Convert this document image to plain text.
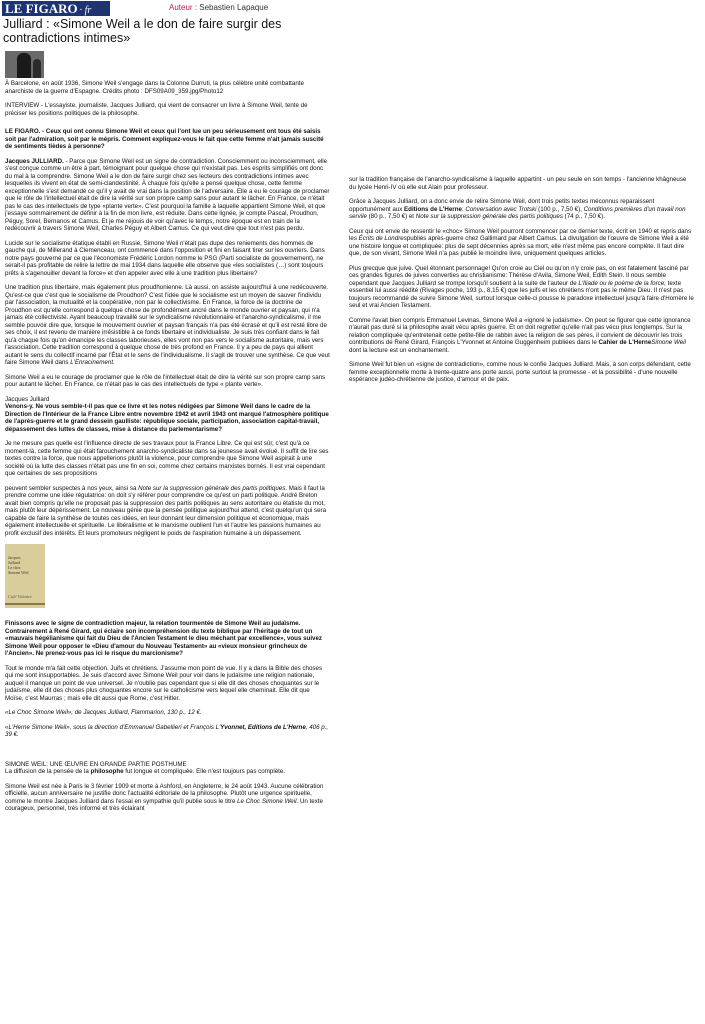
LE FIGARO · fr	Auteur : Sebastien Lapaque
Julliard : «Simone Weil a le don de faire surgir des contradictions intimes»

À Barcelone, en août 1936, Simone Weil s'engage dans la Colonne Durruti, la plus célèbre unité combattante anarchiste de la guerre d'Espagne. Crédits photo : DFS09A09_359.jpg/Photo12

INTERVIEW - L'essayiste, journaliste, Jacques Julliard, qui vient de consacrer un livre à Simone Weil, tente de préciser les positions politiques de la philosophe.

LE FIGARO. - Ceux qui ont connu Simone Weil et ceux qui l'ont lue un peu sérieusement ont tous été saisis soit par l'admiration, soit par le mépris. Comment expliquez-vous le fait que cette femme n'ait jamais suscité de sentiments tièdes à personne?

Jacques JULLIARD. - Parce que Simone Weil est un signe de contradiction. Consciemment ou inconsciemment, elle s'est conçue comme un être à part, témoignant pour quelque chose qui n'existait pas. Les esprits simplifiés ont donc du mal à la comprendre. Simone Weil a le don de faire surgir chez ses lecteurs des contradictions intimes avec lesquelles ils vivent en état de semi-clandestinité. À chaque fois qu'elle a pensé quelque chose, cette femme exceptionnelle s'est demandé ce qu'il y avait de vrai dans la position de l'adversaire. Elle a eu le courage de proclamer que le rôle de l'intellectuel était de dire la vérité sur son propre camp sans pour autant le lâcher. En France, ce n'était pas le cas des intellectuels de type «plante verte». C'est pourquoi la famille à laquelle appartient Simone Weil, et que j'essaye sommairement de définir à la fin de mon livre, est réduite. Dans cette lignée, je compte Pascal, Proudhon, Péguy, Sorel, Bernanos et Camus. Et je me réjouis de voir qu'avec le temps, notre époque est en train de la redécouvrir à travers Simone Weil, Charles Péguy et Albert Camus. Ce qui veut dire que tout n'est pas perdu.

Lucide sur le socialisme étatique établi en Russie, Simone Weil n'était pas dupe des reniements des hommes de gauche qui, de Millerand à Clemenceau, ont commencé dans l'opposition et fini en faisant tirer sur les ouvriers. Dans notre pays gouverné par ce que l'économiste Frédéric Lordon nomme le PSG (Parti socialiste de gouvernement), ne serait-il pas profitable de relire la lettre de mai 1934 dans laquelle elle observe que «les socialistes (…) sont toujours prêts à s'agenouiller devant la force» et d'en appeler avec elle à une tradition plus libertaire?

Une tradition plus libertaire, mais également plus proudhonienne. Là aussi, on assiste aujourd'hui à une redécouverte. Qu'est-ce que c'est que le socialisme de Proudhon? C'est l'idée que le socialisme est un moyen de sauver l'individu par l'association, la mutualité et la coopérative, non par le collectivisme. En France, la force de la doctrine de Proudhon est qu'elle correspond à quelque chose de profondément ancré dans le monde ouvrier et paysan, qui n'a jamais été collectiviste. Ayant beaucoup travaillé sur le syndicalisme révolutionnaire et l'anarcho-syndicalisme, il me semble pouvoir dire que, lorsque le mouvement ouvrier et paysan français n'a pas été écrasé et qu'il est resté libre de ses choix, il est revenu de manière irrésistible à ce fonds libertaire et individualiste. Je suis très confiant dans le fait qu'à chaque fois qu'on émancipe les classes laborieuses, elles vont non pas vers le socialisme autoritaire, mais vers l'association. Cette tradition correspond à quelque chose de très profond en France. Il y a peu de pays qui allient autant le sens du collectif incarné par l'État et le sens de l'individualisme. Il s'agit de trouver une synthèse. Ce que veut faire Simone Weil dans L'Enracinement.

Simone Weil a eu le courage de proclamer que le rôle de l'intellectuel était de dire la vérité sur son propre camp sans pour autant le lâcher. En France, ce n'était pas le cas des intellectuels de type « plante verte».

Jacques Julliard

Venons-y. Ne vous semble-t-il pas que ce livre et les notes rédigées par Simone Weil dans le cadre de la Direction de l'Intérieur de la France Libre entre novembre 1942 et avril 1943 ont marqué l'atmosphère politique de l'après-guerre et le grand dessein gaulliste: république sociale, participation, association capital-travail, dépassement des luttes de classes, mise à distance du parlementarisme?

Je ne mesure pas quelle est l'influence directe de ses travaux pour la France Libre. Ce qui est sûr, c'est qu'à ce moment-là, cette femme qui était farouchement anarcho-syndicaliste dans sa jeunesse avait évolué. Il suffit de lire ses textes contre la force, que nous appellerions plutôt la violence, pour comprendre que Simone Weil aspirait à une société où la lutte des classes n'était pas une fin en soi, comme chez certains marxistes bornés. Il est vrai cependant que certaines de ses propositions

peuvent sembler suspectes à nos yeux, ainsi sa Note sur la suppression générale des partis politiques. Mais il faut la prendre comme une idée régulatrice: on doit s'y référer pour comprendre ce qu'est un parti politique. André Breton avait bien compris qu'elle ne proposait pas la suppression des partis politiques au sens autoritaire ou étatiste du mot, mais plutôt leur dépérissement. Le nouveau génie que la pensée politique aujourd'hui attend, c'est quelqu'un qui sera capable de faire la synthèse de toutes ces idées, en leur donnant leur dimension politique et économique, mais également intellectuelle et spirituelle. Le libéralisme et le marxisme oublient l'un et l'autre les passions humaines au profit exclusif des intérêts. Et leurs promoteurs négligent le poids de l'aspiration humaine à un dépassement.

Jacques
Julliard
Le choc
Simone Weil
Café Voltaire

Finissons avec le signe de contradiction majeur, la relation tourmentée de Simone Weil au judaïsme. Contrairement à René Girard, qui éclaire son incompréhension du texte biblique par l'héritage de tout un «mauvais hégélianisme qui fait du Dieu de l'Ancien Testament le dieu méchant par excellence», vous suivez Simone Weil pour opposer le «Dieu d'amour du Nouveau Testament» au «vieux monsieur grincheux de l'Ancien». Ne prenez-vous pas ici le risque du marcionisme?

Tout le monde m'a fait cette objection. Juifs et chrétiens. J'assume mon point de vue. Il y a dans la Bible des choses qui me sont insupportables. Je suis d'accord avec Simone Weil pour voir dans le judaïsme une religion nationale, auquel il manque un point de vue universel. Je n'oublie pas cependant que si elle dit des choses choquantes sur le judaïsme, elle dit des choses plus choquantes encore sur le catholicisme vers lequel elle cheminait. Elle dit que Moïse, c'est Maurras ; mais elle dit aussi que Rome, c'est Hitler.

«Le Choc Simone Weil», de Jacques Julliard, Flammarion, 130 p., 12 €.

«L'Herne Simone Weil», sous la direction d'Emmanuel Gabellieri et François L'Yvonnet, Editions de L'Herne, 406 p., 39 €.

SIMONE WEIL: UNE ŒUVRE EN GRANDE PARTIE POSTHUME

La diffusion de la pensée de la philosophe fut longue et compliquée. Elle n'est toujours pas complète.

Simone Weil est née à Paris le 3 février 1909 et morte à Ashford, en Angleterre, le 24 août 1943. Aucune célébration officielle, aucun anniversaire ne justifie donc l'actualité éditoriale de la philosophe. Plutôt une urgence spirituelle, comme le montre Jacques Julliard dans l'essai en sympathie qu'il publie sous le titre Le Choc Simone Weil. Un texte courageux, personnel, très informé et très éclairant

sur la tradition française de l'anarcho-syndicalisme à laquelle appartint - un peu seule en son temps - l'ancienne khâgneuse du lycée Henri-IV où elle eut Alain pour professeur.

Grâce à Jacques Julliard, on a donc envie de relire Simone Weil, dont trois petits textes méconnus reparaissent opportunément aux Editions de L'Herne: Conversation avec Trotski (100 p., 7,50 €), Conditions premières d'un travail non servile (80 p., 7,50 €) et Note sur la suppression générale des partis politiques (74 p., 7,50 €).

Ceux qui ont envie de ressentir le «choc» Simone Weil pourront commencer par ce dernier texte, écrit en 1940 et repris dans les Écrits de Londrespubliés après-guerre chez Gallimard par Albert Camus. La divulgation de l'œuvre de Simone Weil a été une histoire longue et compliquée: plus de sept décennies après sa mort, elle n'est même pas encore complète. Il faut dire que, de son vivant, Simone Weil n'a pas publié le moindre livre, uniquement quelques articles.

Plus grecque que juive. Quel étonnant personnage! Qu'on croie au Ciel ou qu'on n'y croie pas, on est fatalement fasciné par ces grandes figures de juives converties au christianisme: Thérèse d'Avila, Simone Weil, Edith Stein. Il nous semble cependant que Jacques Julliard se trompe lorsqu'il soutient à la suite de l'auteur de L'Iliade ou le poème de la force, texte essentiel lui aussi réédité (Rivages poche, 193 p., 8,15 €) que les juifs et les chrétiens n'ont pas le même Dieu. Il n'est pas toujours recommandé de suivre Simone Weil, surtout lorsque celle-ci pousse le paradoxe intellectuel jusqu'à faire d'Homère le seul et vrai Ancien Testament.

Comme l'avait bien compris Emmanuel Levinas, Simone Weil a «ignoré le judaïsme». On peut se figurer que cette ignorance n'aurait pas duré si la philosophe avait vécu après guerre. Et on doit regretter qu'elle n'ait pas vécu plus longtemps. Sur la relation compliquée qu'entretenait cette petite-fille de rabbin avec la religion de ses pères, il convient de découvrir les trois contributions de René Girard, François L'Yvonnet et Antoine Guggenheim publiées dans le Cahier de L'HerneSimone Weil dont la lecture est un enchantement.

Simone Weil fut bien un «signe de contradiction», comme nous le confie Jacques Julliard. Mais, à son corps défendant, cette femme exceptionnelle morte à trente-quatre ans porte aussi, porte surtout la promesse - et la possibilité - d'une nouvelle espérance judéo-chrétienne de justice, d'amour et de paix.
